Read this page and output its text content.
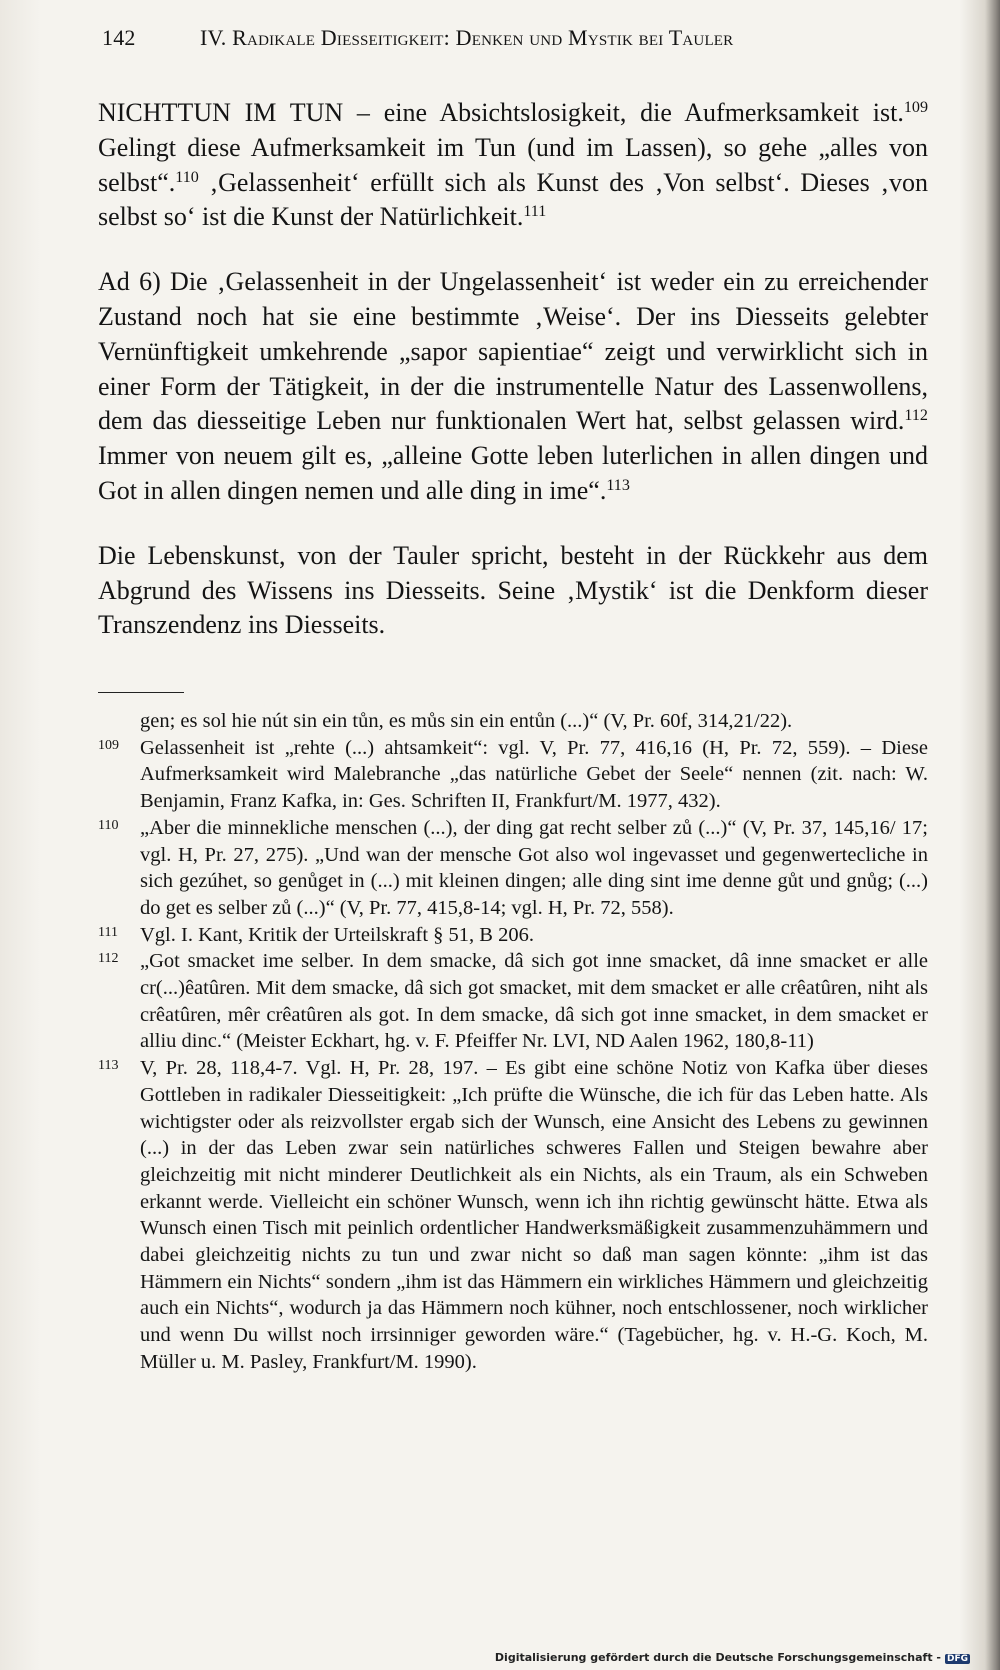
142	IV. Radikale Diesseitigkeit: Denken und Mystik bei Tauler

NICHTTUN IM TUN – eine Absichtslosigkeit, die Aufmerksamkeit ist.$^{109}$ Gelingt diese Aufmerksamkeit im Tun (und im Lassen), so gehe „alles von selbst“.$^{110}$ ‚Gelassenheit‘ erfüllt sich als Kunst des ‚Von selbst‘. Dieses ‚von selbst so‘ ist die Kunst der Natürlichkeit.$^{111}$

Ad 6) Die ‚Gelassenheit in der Ungelassenheit‘ ist weder ein zu erreichender Zustand noch hat sie eine bestimmte ‚Weise‘. Der ins Diesseits gelebter Vernünftigkeit umkehrende „sapor sapientiae“ zeigt und verwirklicht sich in einer Form der Tätigkeit, in der die instrumentelle Natur des Lassenwollens, dem das diesseitige Leben nur funktionalen Wert hat, selbst gelassen wird.$^{112}$ Immer von neuem gilt es, „alleine Gotte leben luterlichen in allen dingen und Got in allen dingen nemen und alle ding in ime“.$^{113}$

Die Lebenskunst, von der Tauler spricht, besteht in der Rückkehr aus dem Abgrund des Wissens ins Diesseits. Seine ‚Mystik‘ ist die Denkform dieser Transzendenz ins Diesseits.

gen; es sol hie nút sin ein tůn, es můs sin ein entůn (...)“ (V, Pr. 60f, 314,21/22).
109 Gelassenheit ist „rehte (...) ahtsamkeit“: vgl. V, Pr. 77, 416,16 (H, Pr. 72, 559). – Diese Aufmerksamkeit wird Malebranche „das natürliche Gebet der Seele“ nennen (zit. nach: W. Benjamin, Franz Kafka, in: Ges. Schriften II, Frankfurt/M. 1977, 432).
110 „Aber die minnekliche menschen (...), der ding gat recht selber zů (...)“ (V, Pr. 37, 145,16/ 17; vgl. H, Pr. 27, 275). „Und wan der mensche Got also wol ingevasset und gegenwertecliche in sich gezúhet, so genůget in (...) mit kleinen dingen; alle ding sint ime denne gůt und gnůg; (...) do get es selber zů (...)“ (V, Pr. 77, 415,8-14; vgl. H, Pr. 72, 558).
111 Vgl. I. Kant, Kritik der Urteilskraft § 51, B 206.
112 „Got smacket ime selber. In dem smacke, dâ sich got inne smacket, dâ inne smacket er alle cr(...)êatûren. Mit dem smacke, dâ sich got smacket, mit dem smacket er alle crêatûren, niht als crêatûren, mêr crêatûren als got. In dem smacke, dâ sich got inne smacket, in dem smacket er alliu dinc.“ (Meister Eckhart, hg. v. F. Pfeiffer Nr. LVI, ND Aalen 1962, 180,8-11)
113 V, Pr. 28, 118,4-7. Vgl. H, Pr. 28, 197. – Es gibt eine schöne Notiz von Kafka über dieses Gottleben in radikaler Diesseitigkeit: „Ich prüfte die Wünsche, die ich für das Leben hatte. Als wichtigster oder als reizvollster ergab sich der Wunsch, eine Ansicht des Lebens zu gewinnen (...) in der das Leben zwar sein natürliches schweres Fallen und Steigen bewahre aber gleichzeitig mit nicht minderer Deutlichkeit als ein Nichts, als ein Traum, als ein Schweben erkannt werde. Vielleicht ein schöner Wunsch, wenn ich ihn richtig gewünscht hätte. Etwa als Wunsch einen Tisch mit peinlich ordentlicher Handwerksmäßigkeit zusammenzuhämmern und dabei gleichzeitig nichts zu tun und zwar nicht so daß man sagen könnte: „ihm ist das Hämmern ein Nichts“ sondern „ihm ist das Hämmern ein wirkliches Hämmern und gleichzeitig auch ein Nichts“, wodurch ja das Hämmern noch kühner, noch entschlossener, noch wirklicher und wenn Du willst noch irrsinniger geworden wäre.“ (Tagebücher, hg. v. H.-G. Koch, M. Müller u. M. Pasley, Frankfurt/M. 1990).
Digitalisierung gefördert durch die Deutsche Forschungsgemeinschaft - DFG
